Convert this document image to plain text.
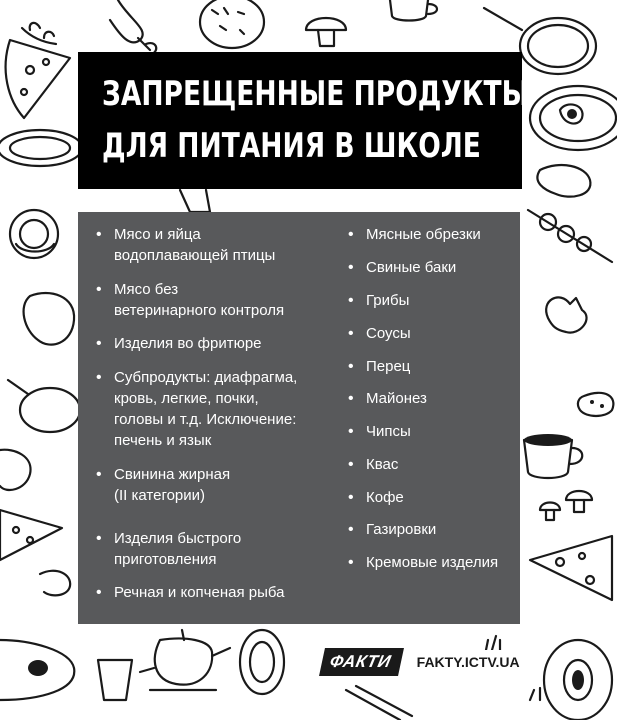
ЗАПРЕЩЕННЫЕ ПРОДУКТЫ
ДЛЯ ПИТАНИЯ В ШКОЛЕ
• Мясо и яйца
водоплавающей птицы
• Мясо без
ветеринарного контроля
• Изделия во фритюре
• Субпродукты: диафрагма,
кровь, легкие, почки,
головы и т.д. Исключение:
печень и язык
• Свинина жирная
(II категории)
• Изделия быстрого
приготовления
• Речная и копченая рыба
• Мясные обрезки
• Свиные баки
• Грибы
• Соусы
• Перец
• Майонез
• Чипсы
• Квас
• Кофе
• Газировки
• Кремовые изделия
ФАКТИ	FAKTY.ICTV.UA
